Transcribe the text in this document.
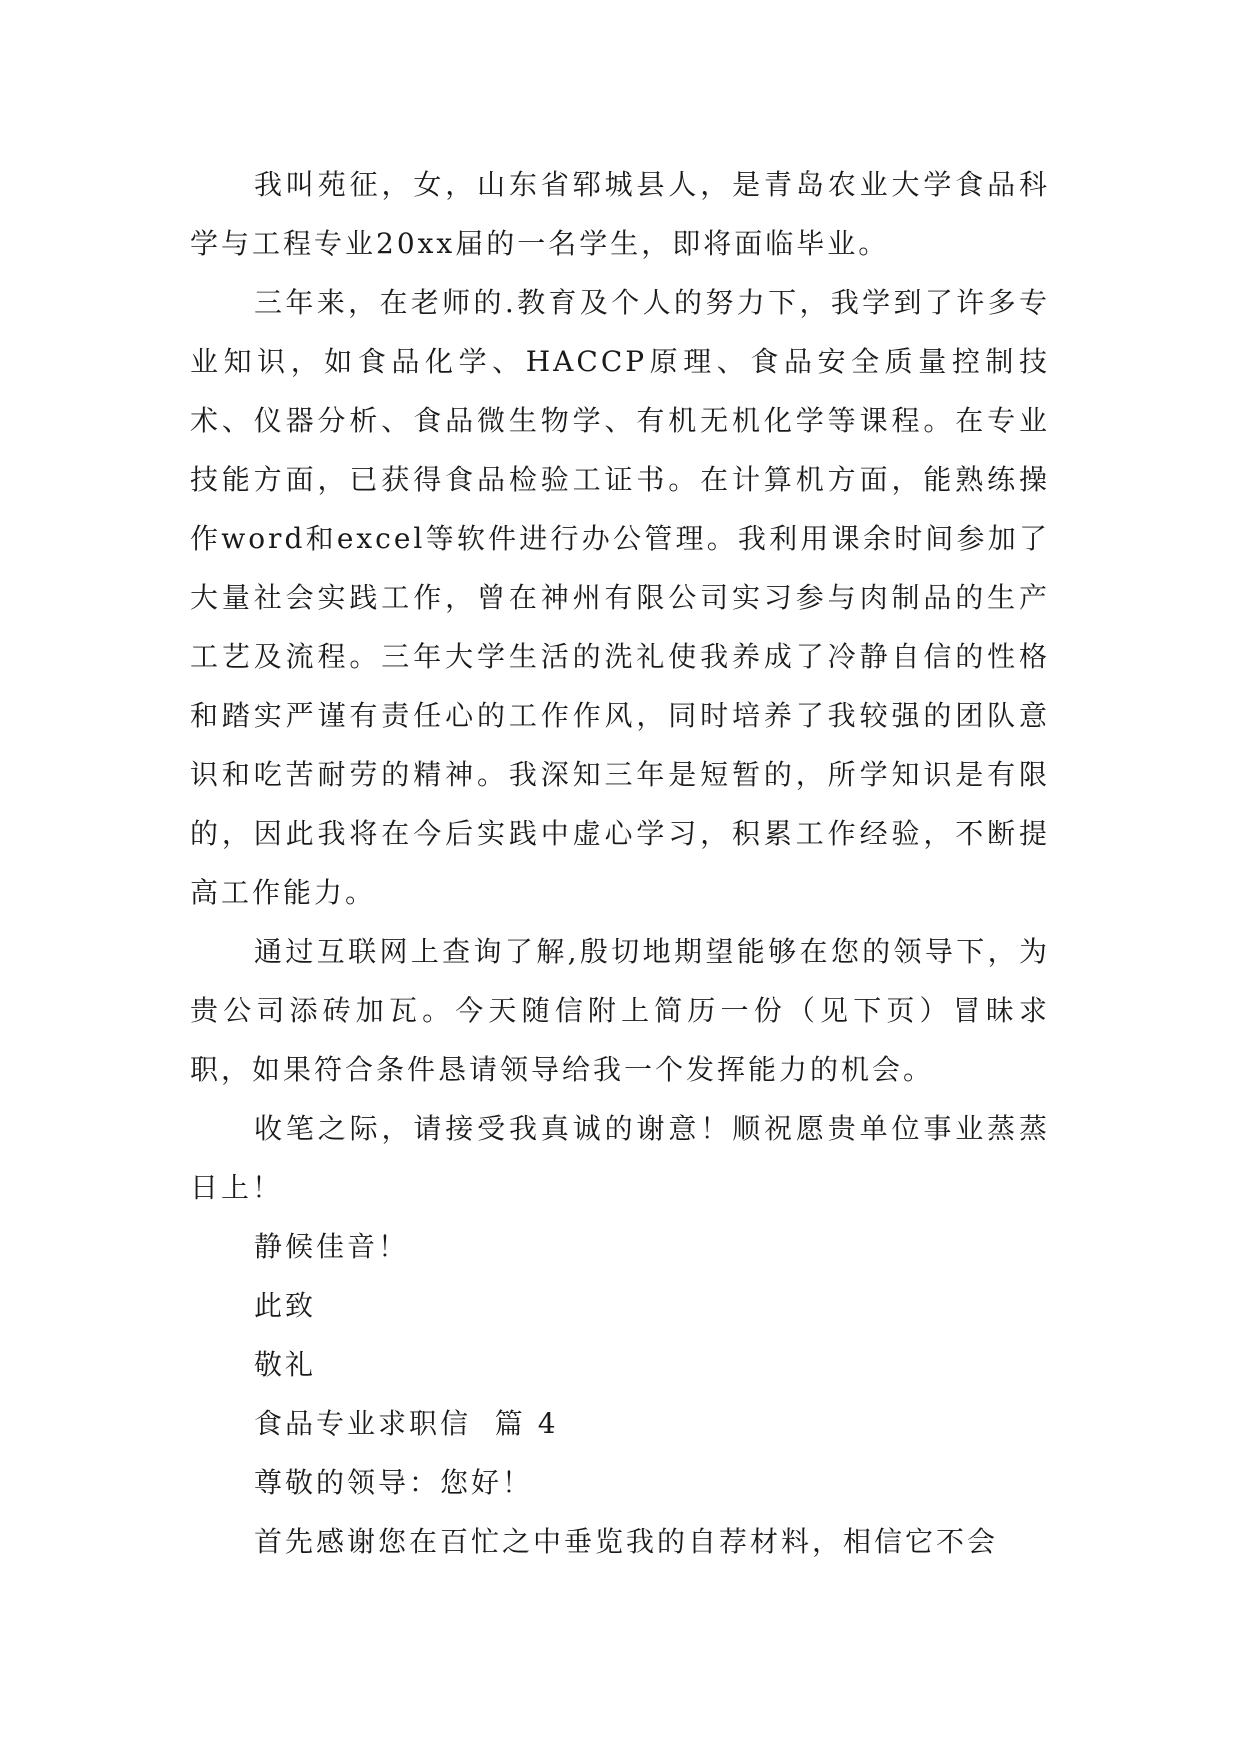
我叫苑征，女，山东省郓城县人，是青岛农业大学食品科学与工程专业20xx届的一名学生，即将面临毕业。

三年来，在老师的.教育及个人的努力下，我学到了许多专业知识，如食品化学、HACCP原理、食品安全质量控制技术、仪器分析、食品微生物学、有机无机化学等课程。在专业技能方面，已获得食品检验工证书。在计算机方面，能熟练操作word和excel等软件进行办公管理。我利用课余时间参加了大量社会实践工作，曾在神州有限公司实习参与肉制品的生产工艺及流程。三年大学生活的洗礼使我养成了冷静自信的性格和踏实严谨有责任心的工作作风，同时培养了我较强的团队意识和吃苦耐劳的精神。我深知三年是短暂的，所学知识是有限的，因此我将在今后实践中虚心学习，积累工作经验，不断提高工作能力。

通过互联网上查询了解,殷切地期望能够在您的领导下，为贵公司添砖加瓦。今天随信附上简历一份（见下页）冒昧求职，如果符合条件恳请领导给我一个发挥能力的机会。

收笔之际，请接受我真诚的谢意！顺祝愿贵单位事业蒸蒸日上！

静候佳音！

此致

敬礼

食品专业求职信  篇 4

尊敬的领导：您好！

首先感谢您在百忙之中垂览我的自荐材料，相信它不会
